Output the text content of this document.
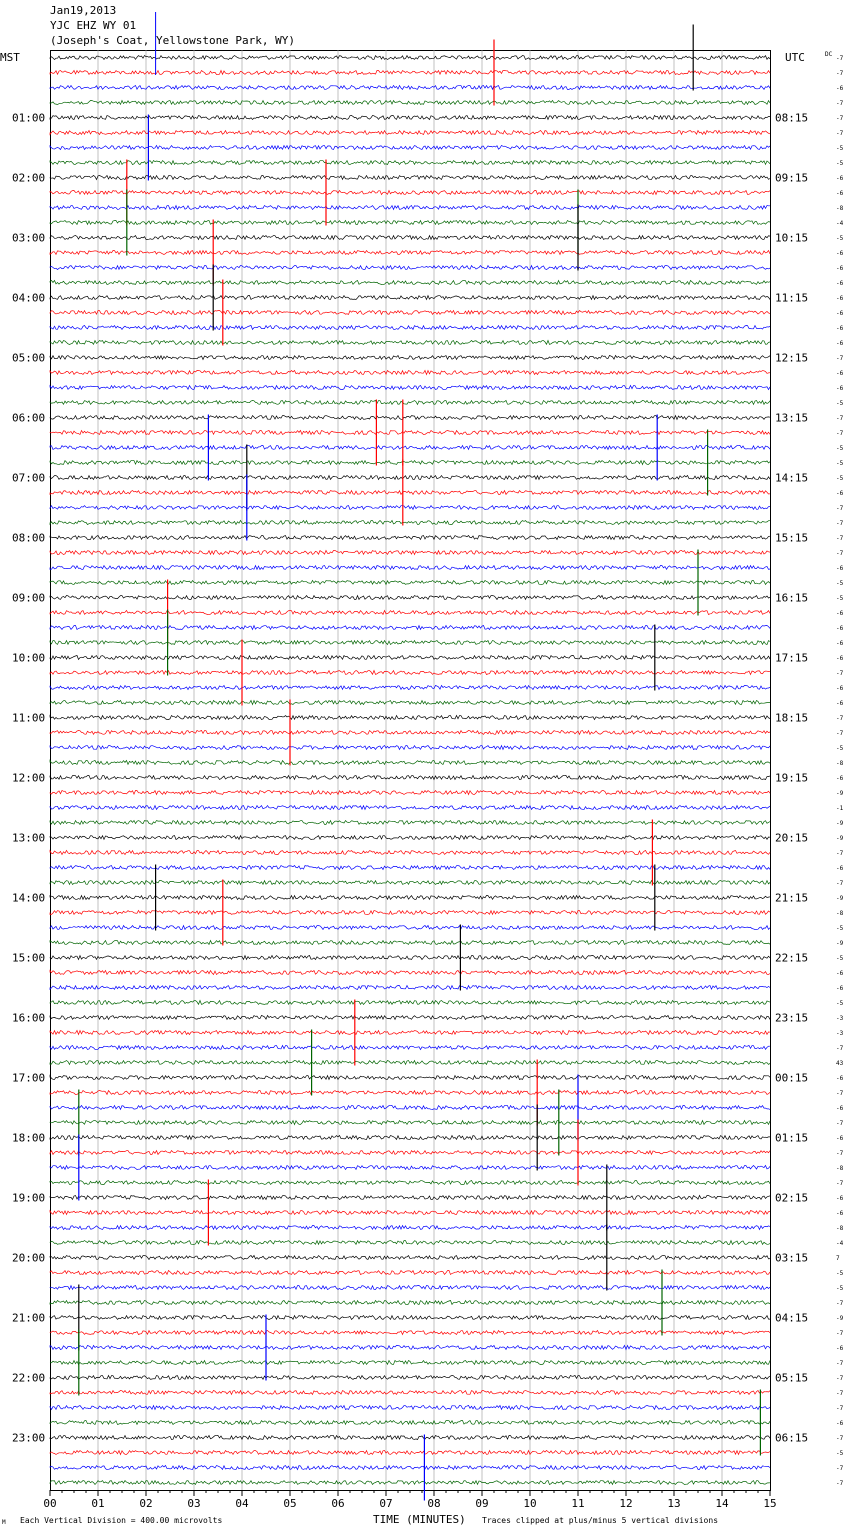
Jan19,2013
YJC EHZ WY 01
(Joseph's Coat, Yellowstone Park, WY)
01:00
02:00
03:00
04:00
05:00
06:00
07:00
08:00
09:00
10:00
11:00
12:00
13:00
14:00
15:00
16:00
17:00
18:00
19:00
20:00
21:00
22:00
23:00
08:15
09:15
10:15
11:15
12:15
13:15
14:15
15:15
16:15
17:15
18:15
19:15
20:15
21:15
22:15
23:15
00:15
01:15
02:15
03:15
04:15
05:15
06:15
-7
-7
-6
-7
-7
-7
-5
-5
-6
-6
-8
-4
-5
-6
-6
-6
-6
-6
-6
-6
-7
-6
-6
-5
-7
-7
-5
-5
-5
-6
-7
-7
-7
-7
-6
-5
-5
-6
-6
-6
-6
-7
-6
-6
-7
-7
-5
-8
-6
-9
-1
-9
-9
-7
-6
-7
-9
-8
-5
-9
-5
-6
-6
-5
-3
-3
-7
43
-6
-7
-6
-7
-6
-7
-8
-7
-6
-6
-8
-4
7
-5
-5
-7
-9
-7
-6
-7
-7
-7
-7
-6
-7
-5
-7
-7
00	01	02	03	04	05	06	07	08	09	10	11	12	13	14	15
MST	UTC	DC
M Each Vertical Division = 400.00 microvolts	TIME (MINUTES) Traces clipped at plus/minus 5 vertical divisions
